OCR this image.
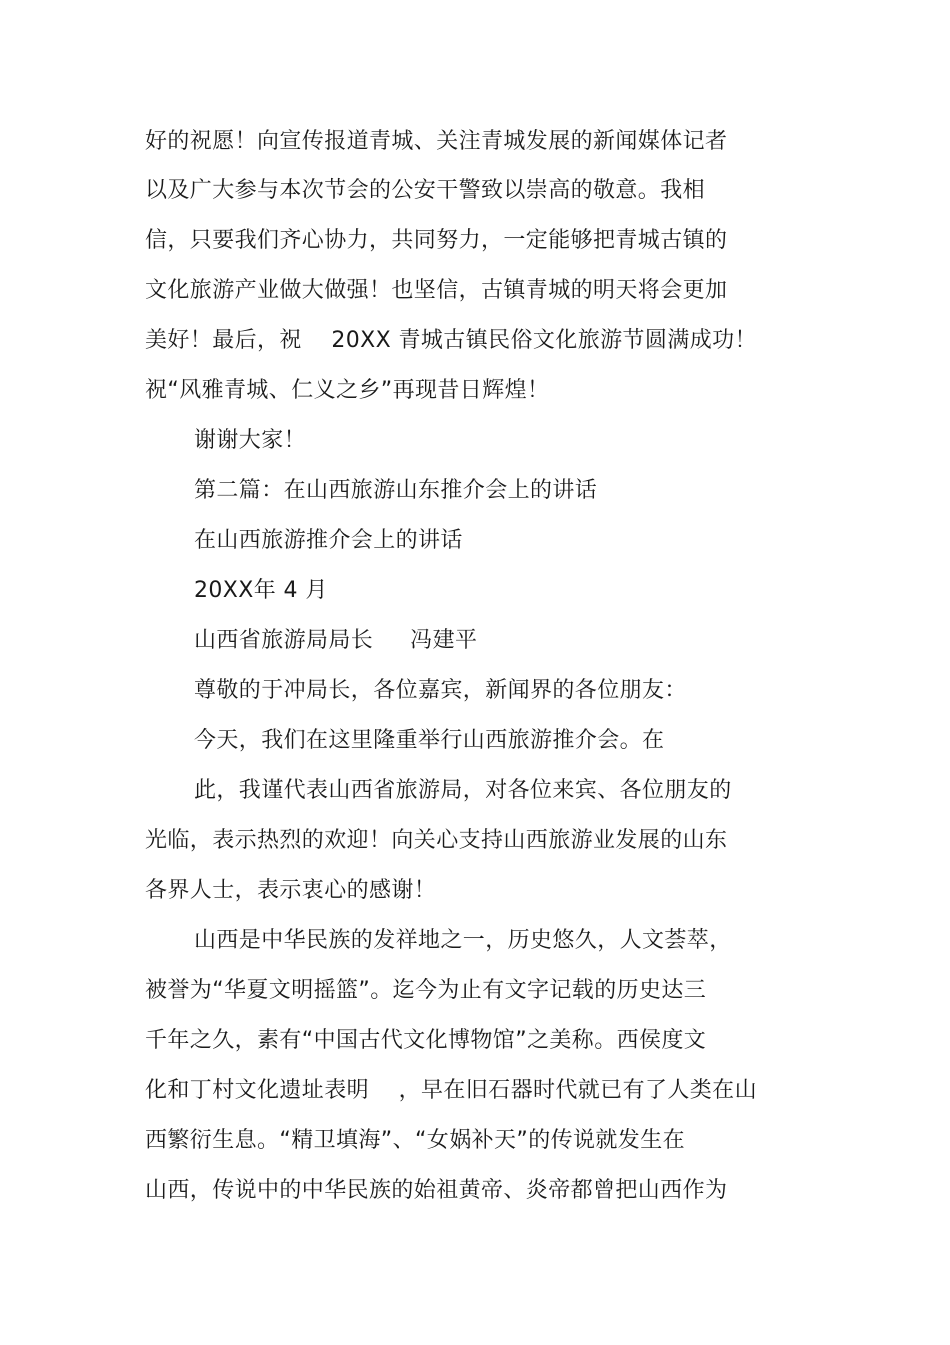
好的祝愿！向宣传报道青城、关注青城发展的新闻媒体记者
以及广大参与本次节会的公安干警致以崇高的敬意。我相
信，只要我们齐心协力，共同努力，一定能够把青城古镇的
文化旅游产业做大做强！也坚信，古镇青城的明天将会更加
美好！最后，祝    20XX 青城古镇民俗文化旅游节圆满成功！
祝“风雅青城、仁义之乡”再现昔日辉煌！
谢谢大家！
第二篇：在山西旅游山东推介会上的讲话
在山西旅游推介会上的讲话
20XX年 4 月
山西省旅游局局长     冯建平
尊敬的于冲局长，各位嘉宾，新闻界的各位朋友：
今天，我们在这里隆重举行山西旅游推介会。在
此，我谨代表山西省旅游局，对各位来宾、各位朋友的
光临，表示热烈的欢迎！向关心支持山西旅游业发展的山东
各界人士，表示衷心的感谢！
山西是中华民族的发祥地之一，历史悠久，人文荟萃，
被誉为“华夏文明摇篮”。迄今为止有文字记载的历史达三
千年之久，素有“中国古代文化博物馆”之美称。西侯度文
化和丁村文化遗址表明    ，早在旧石器时代就已有了人类在山
西繁衍生息。“精卫填海”、“女娲补天”的传说就发生在
山西，传说中的中华民族的始祖黄帝、炎帝都曾把山西作为
